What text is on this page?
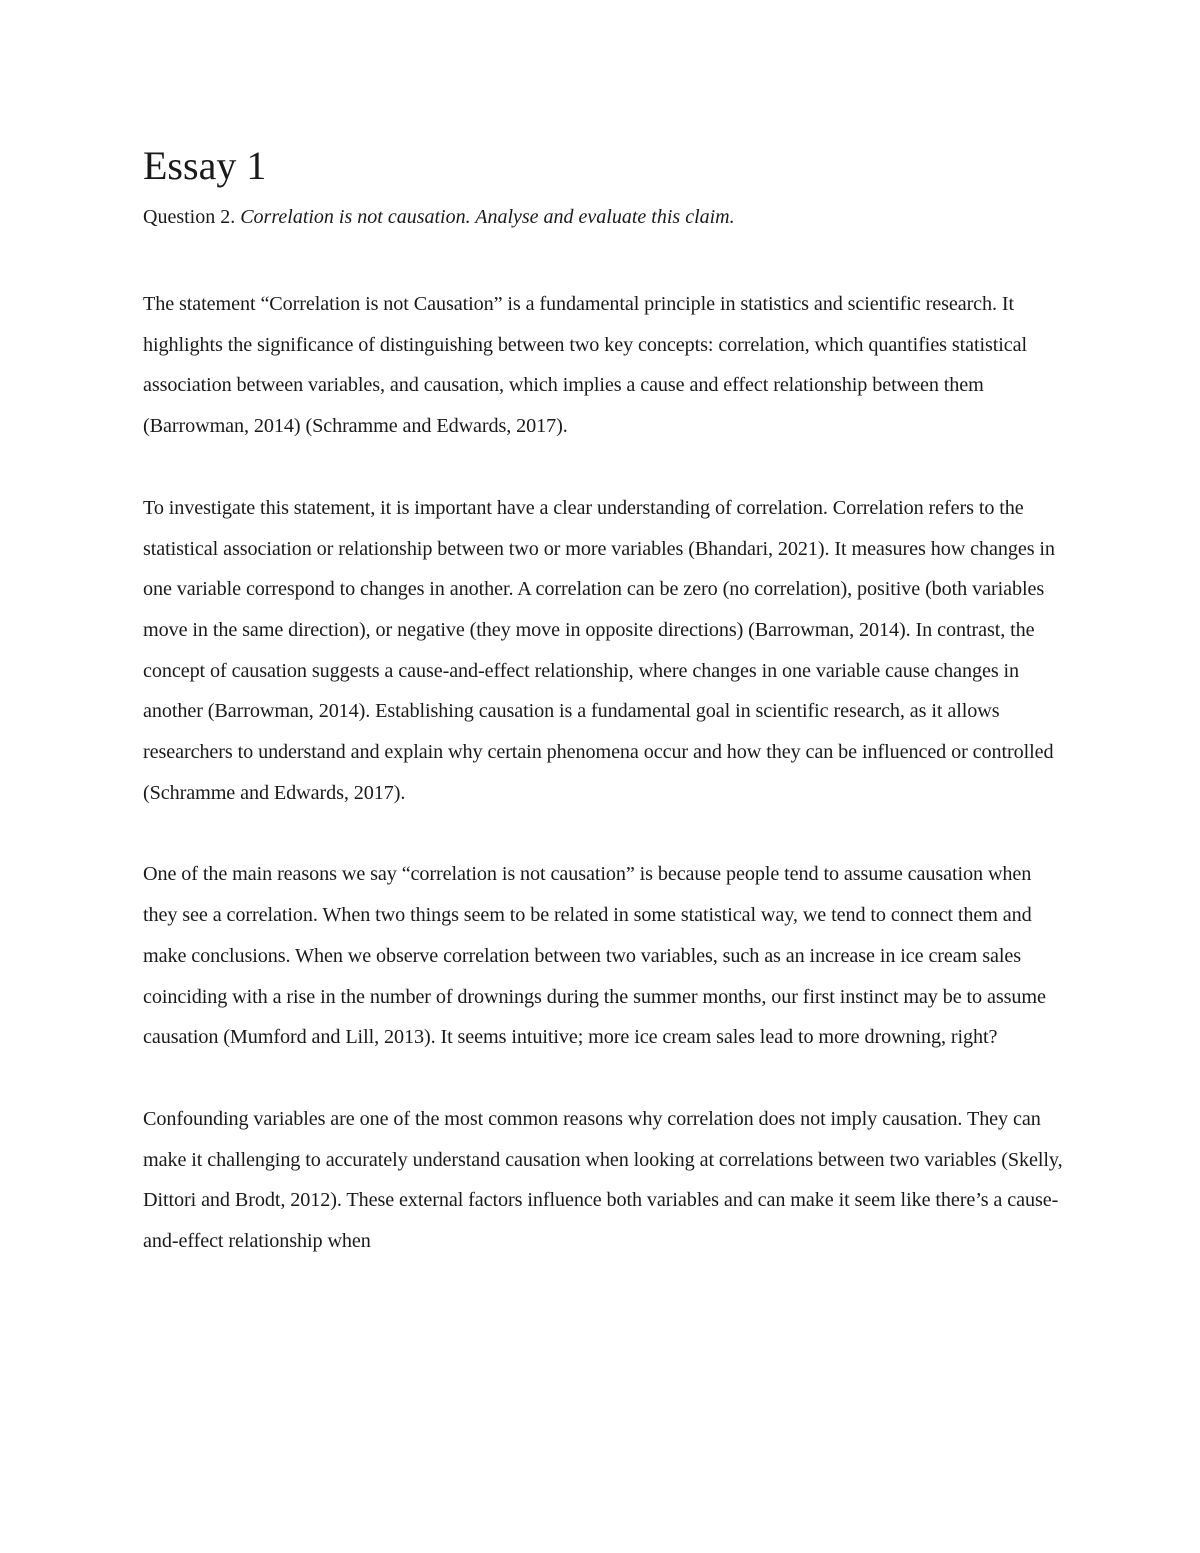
Essay 1

Question 2. Correlation is not causation. Analyse and evaluate this claim.

The statement “Correlation is not Causation” is a fundamental principle in statistics and scientific research. It highlights the significance of distinguishing between two key concepts: correlation, which quantifies statistical association between variables, and causation, which implies a cause and effect relationship between them (Barrowman, 2014) (Schramme and Edwards, 2017).

To investigate this statement, it is important have a clear understanding of correlation. Correlation refers to the statistical association or relationship between two or more variables (Bhandari, 2021). It measures how changes in one variable correspond to changes in another. A correlation can be zero (no correlation), positive (both variables move in the same direction), or negative (they move in opposite directions) (Barrowman, 2014). In contrast, the concept of causation suggests a cause-and-effect relationship, where changes in one variable cause changes in another (Barrowman, 2014). Establishing causation is a fundamental goal in scientific research, as it allows researchers to understand and explain why certain phenomena occur and how they can be influenced or controlled (Schramme and Edwards, 2017).

One of the main reasons we say “correlation is not causation” is because people tend to assume causation when they see a correlation. When two things seem to be related in some statistical way, we tend to connect them and make conclusions. When we observe correlation between two variables, such as an increase in ice cream sales coinciding with a rise in the number of drownings during the summer months, our first instinct may be to assume causation (Mumford and Lill, 2013). It seems intuitive; more ice cream sales lead to more drowning, right?

Confounding variables are one of the most common reasons why correlation does not imply causation. They can make it challenging to accurately understand causation when looking at correlations between two variables (Skelly, Dittori and Brodt, 2012). These external factors influence both variables and can make it seem like there’s a cause-and-effect relationship when
